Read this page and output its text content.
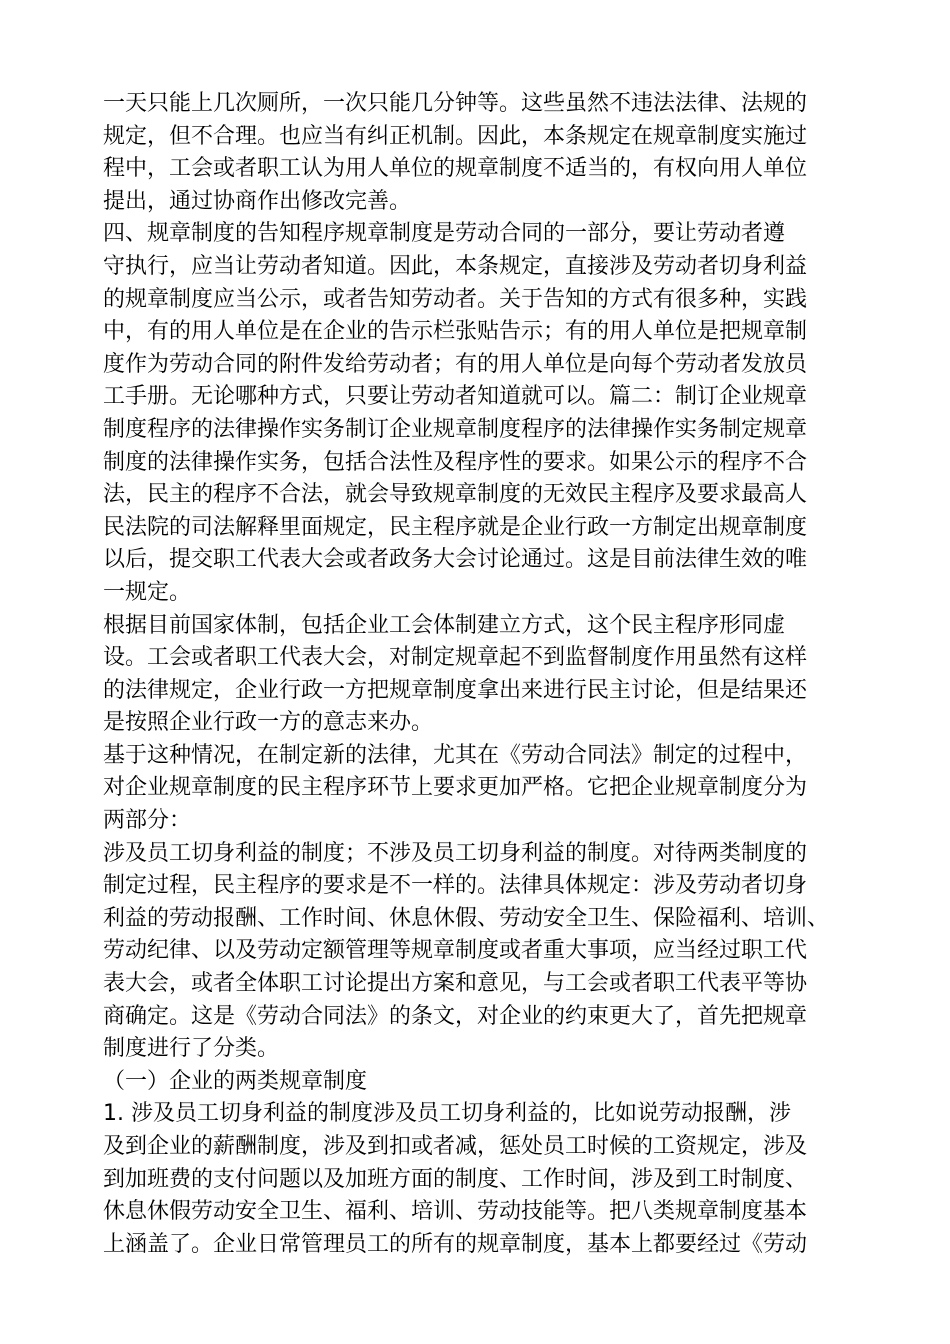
一天只能上几次厕所，一次只能几分钟等。这些虽然不违法法律、法规的
规定，但不合理。也应当有纠正机制。因此，本条规定在规章制度实施过
程中，工会或者职工认为用人单位的规章制度不适当的，有权向用人单位
提出，通过协商作出修改完善。
四、规章制度的告知程序规章制度是劳动合同的一部分，要让劳动者遵
守执行，应当让劳动者知道。因此，本条规定，直接涉及劳动者切身利益
的规章制度应当公示，或者告知劳动者。关于告知的方式有很多种，实践
中，有的用人单位是在企业的告示栏张贴告示；有的用人单位是把规章制
度作为劳动合同的附件发给劳动者；有的用人单位是向每个劳动者发放员
工手册。无论哪种方式，只要让劳动者知道就可以。篇二：制订企业规章
制度程序的法律操作实务制订企业规章制度程序的法律操作实务制定规章
制度的法律操作实务，包括合法性及程序性的要求。如果公示的程序不合
法，民主的程序不合法，就会导致规章制度的无效民主程序及要求最高人
民法院的司法解释里面规定，民主程序就是企业行政一方制定出规章制度
以后，提交职工代表大会或者政务大会讨论通过。这是目前法律生效的唯
一规定。
根据目前国家体制，包括企业工会体制建立方式，这个民主程序形同虚
设。工会或者职工代表大会，对制定规章起不到监督制度作用虽然有这样
的法律规定，企业行政一方把规章制度拿出来进行民主讨论，但是结果还
是按照企业行政一方的意志来办。
基于这种情况，在制定新的法律，尤其在《劳动合同法》制定的过程中，
对企业规章制度的民主程序环节上要求更加严格。它把企业规章制度分为
两部分：
涉及员工切身利益的制度；不涉及员工切身利益的制度。对待两类制度的
制定过程，民主程序的要求是不一样的。法律具体规定：涉及劳动者切身
利益的劳动报酬、工作时间、休息休假、劳动安全卫生、保险福利、培训、
劳动纪律、以及劳动定额管理等规章制度或者重大事项，应当经过职工代
表大会，或者全体职工讨论提出方案和意见，与工会或者职工代表平等协
商确定。这是《劳动合同法》的条文，对企业的约束更大了，首先把规章
制度进行了分类。
（一）企业的两类规章制度
1. 涉及员工切身利益的制度涉及员工切身利益的，比如说劳动报酬，涉
及到企业的薪酬制度，涉及到扣或者减，惩处员工时候的工资规定，涉及
到加班费的支付问题以及加班方面的制度、工作时间，涉及到工时制度、
休息休假劳动安全卫生、福利、培训、劳动技能等。把八类规章制度基本
上涵盖了。企业日常管理员工的所有的规章制度，基本上都要经过《劳动
